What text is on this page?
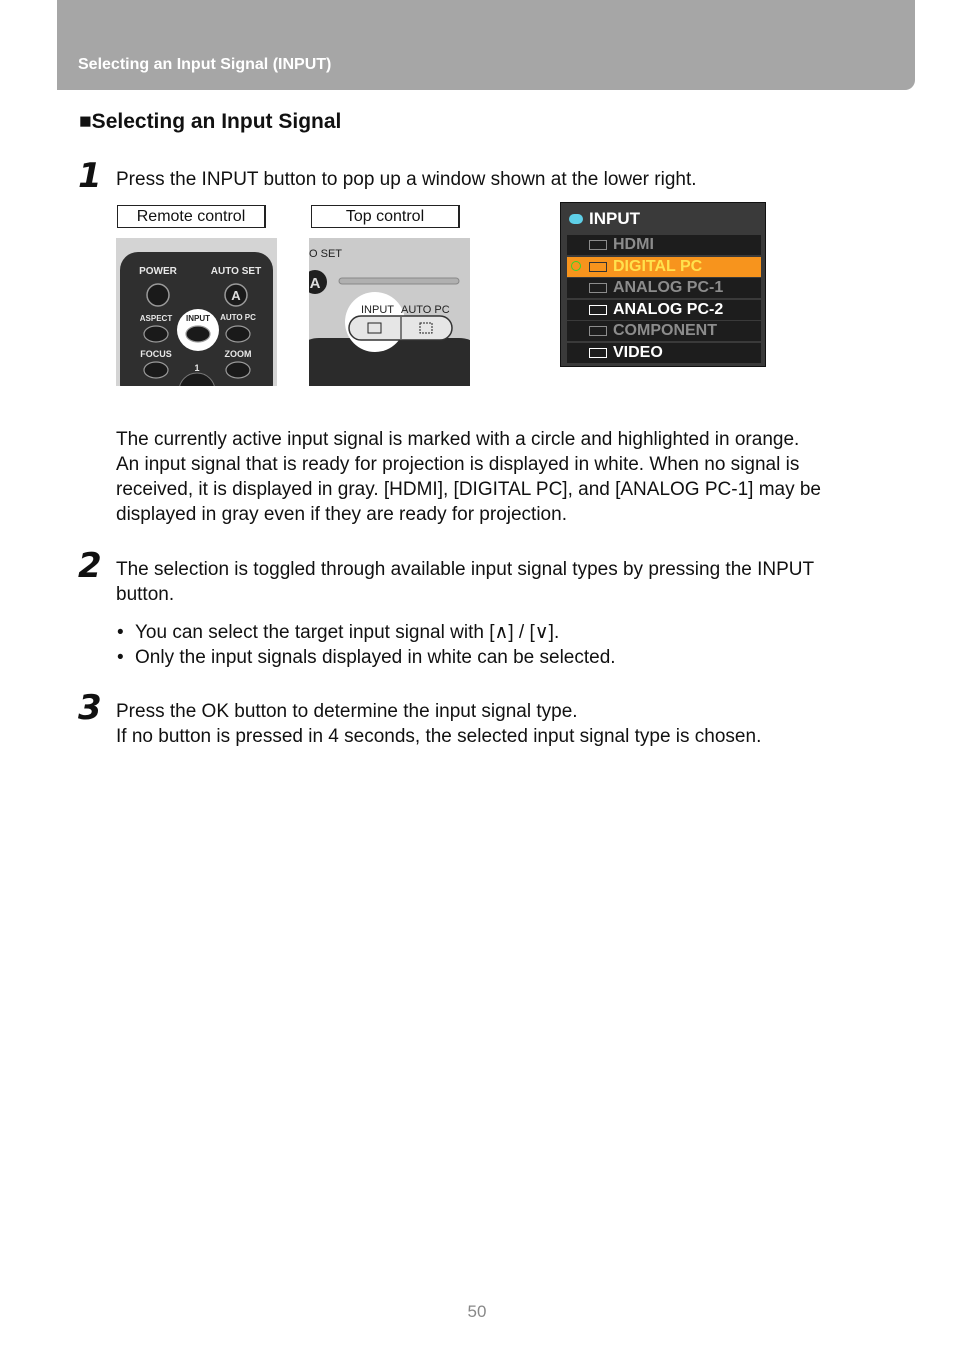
Selecting an Input Signal (INPUT)
■Selecting an Input Signal
1 Press the INPUT button to pop up a window shown at the lower right.

Remote control	Top control
A
POWER	AUTO SET
ASPECT INPUT AUTO PC
FOCUS	ZOOM
1
A
O SET
INPUT AUTO PC
INPUT
HDMI
DIGITAL PC
ANALOG PC-1
ANALOG PC-2
COMPONENT
VIDEO

The currently active input signal is marked with a circle and highlighted in orange.

An input signal that is ready for projection is displayed in white. When no signal is

received, it is displayed in gray. [HDMI], [DIGITAL PC], and [ANALOG PC-1] may be

displayed in gray even if they are ready for projection.

2 The selection is toggled through available input signal types by pressing the INPUT
button.

• You can select the target input signal with [∧] / [∨].
• Only the input signals displayed in white can be selected.
3 Press the OK button to determine the input signal type.
If no button is pressed in 4 seconds, the selected input signal type is chosen.

50
